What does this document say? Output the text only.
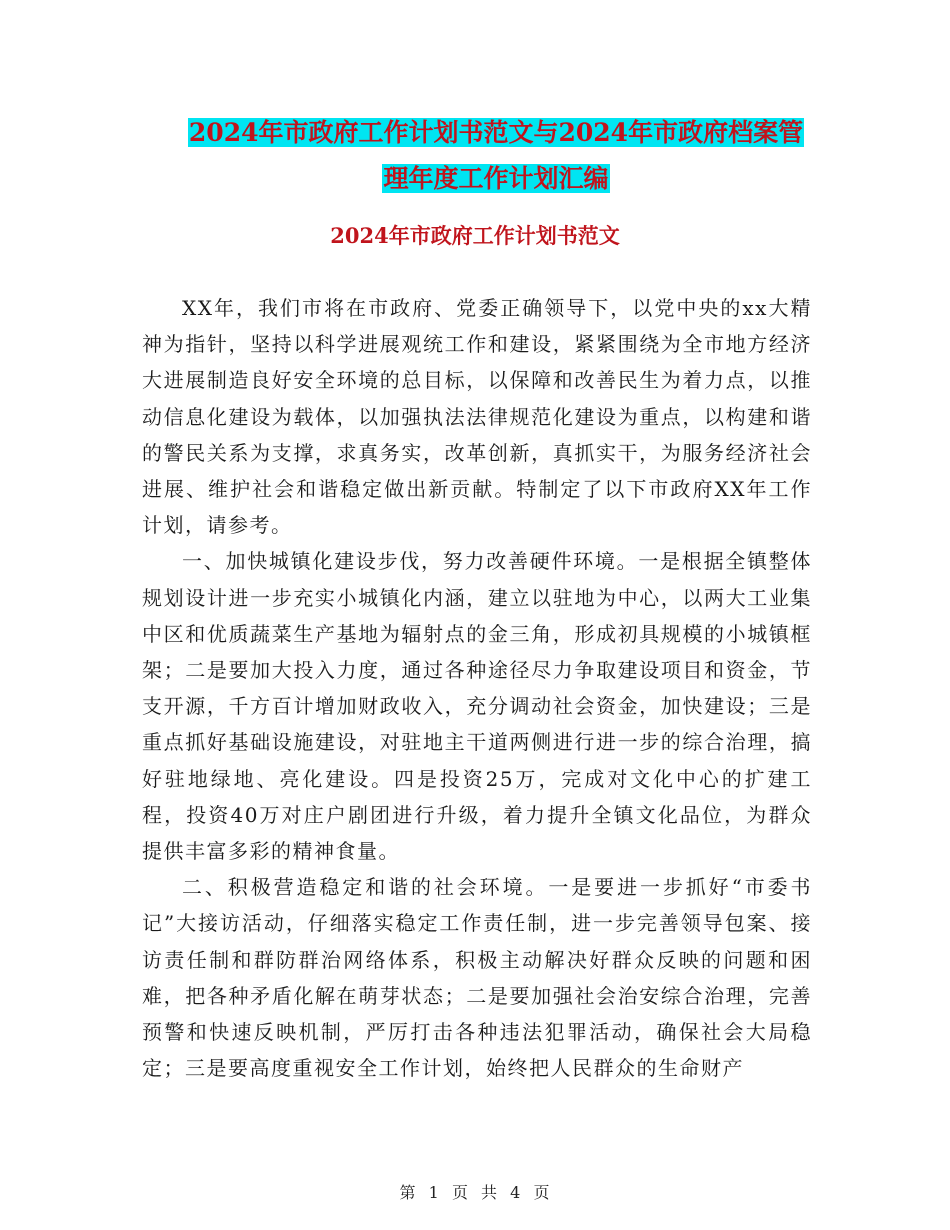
2024年市政府工作计划书范文与2024年市政府档案管
理年度工作计划汇编
2024年市政府工作计划书范文

XX年，我们市将在市政府、党委正确领导下，以党中央的xx大精神为指针，坚持以科学进展观统工作和建设，紧紧围绕为全市地方经济大进展制造良好安全环境的总目标，以保障和改善民生为着力点，以推动信息化建设为载体，以加强执法法律规范化建设为重点，以构建和谐的警民关系为支撑，求真务实，改革创新，真抓实干，为服务经济社会进展、维护社会和谐稳定做出新贡献。特制定了以下市政府XX年工作计划，请参考。

一、加快城镇化建设步伐，努力改善硬件环境。一是根据全镇整体规划设计进一步充实小城镇化内涵，建立以驻地为中心，以两大工业集中区和优质蔬菜生产基地为辐射点的金三角，形成初具规模的小城镇框架；二是要加大投入力度，通过各种途径尽力争取建设项目和资金，节支开源，千方百计增加财政收入，充分调动社会资金，加快建设；三是重点抓好基础设施建设，对驻地主干道两侧进行进一步的综合治理，搞好驻地绿地、亮化建设。四是投资25万，完成对文化中心的扩建工程，投资40万对庄户剧团进行升级，着力提升全镇文化品位，为群众提供丰富多彩的精神食量。

二、积极营造稳定和谐的社会环境。一是要进一步抓好“市委书记”大接访活动，仔细落实稳定工作责任制，进一步完善领导包案、接访责任制和群防群治网络体系，积极主动解决好群众反映的问题和困难，把各种矛盾化解在萌芽状态；二是要加强社会治安综合治理，完善预警和快速反映机制，严厉打击各种违法犯罪活动，确保社会大局稳定；三是要高度重视安全工作计划，始终把人民群众的生命财产

第 1 页 共 4 页
